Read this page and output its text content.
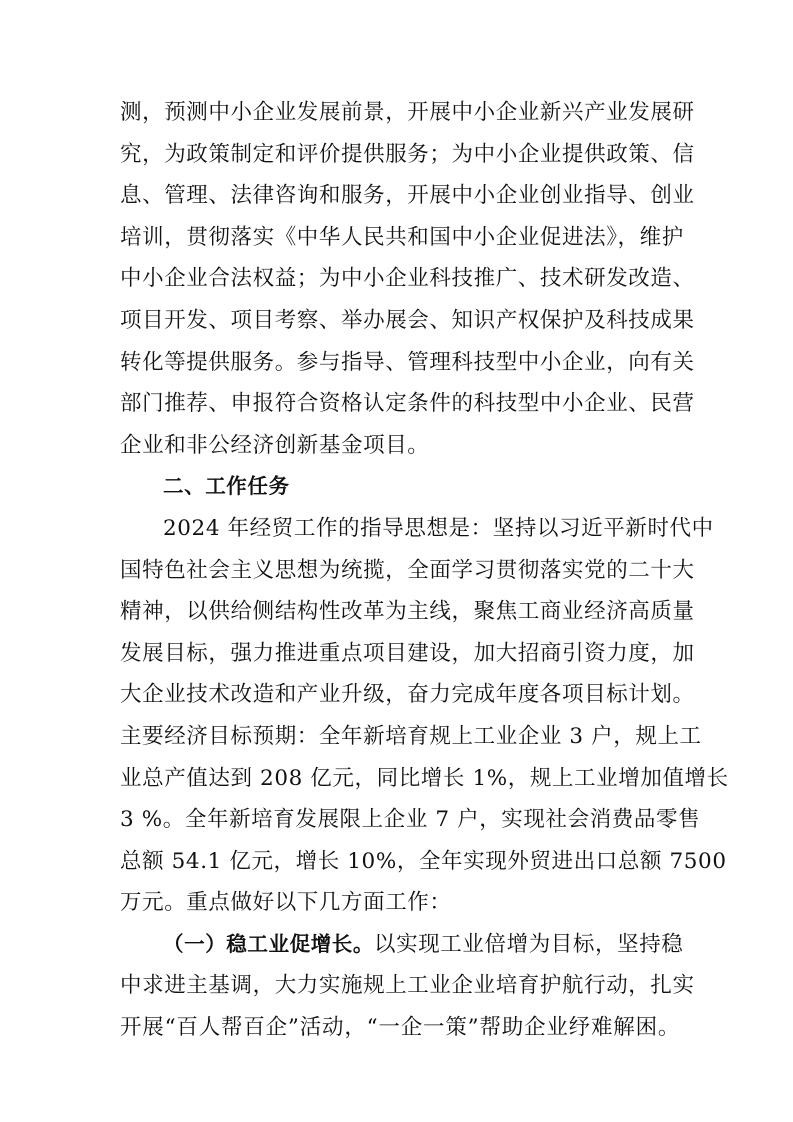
测，预测中小企业发展前景，开展中小企业新兴产业发展研
究，为政策制定和评价提供服务；为中小企业提供政策、信
息、管理、法律咨询和服务，开展中小企业创业指导、创业
培训，贯彻落实《中华人民共和国中小企业促进法》，维护
中小企业合法权益；为中小企业科技推广、技术研发改造、
项目开发、项目考察、举办展会、知识产权保护及科技成果
转化等提供服务。参与指导、管理科技型中小企业，向有关
部门推荐、申报符合资格认定条件的科技型中小企业、民营
企业和非公经济创新基金项目。
二、工作任务
2024 年经贸工作的指导思想是：坚持以习近平新时代中
国特色社会主义思想为统揽，全面学习贯彻落实党的二十大
精神，以供给侧结构性改革为主线，聚焦工商业经济高质量
发展目标，强力推进重点项目建设，加大招商引资力度，加
大企业技术改造和产业升级，奋力完成年度各项目标计划。
主要经济目标预期：全年新培育规上工业企业 3 户，规上工
业总产值达到 208 亿元，同比增长 1%，规上工业增加值增长
3 %。全年新培育发展限上企业 7 户，实现社会消费品零售
总额 54.1 亿元，增长 10%，全年实现外贸进出口总额 7500
万元。重点做好以下几方面工作：
（一）稳工业促增长。以实现工业倍增为目标，坚持稳
中求进主基调，大力实施规上工业企业培育护航行动，扎实
开展“百人帮百企”活动，“一企一策”帮助企业纾难解困。
